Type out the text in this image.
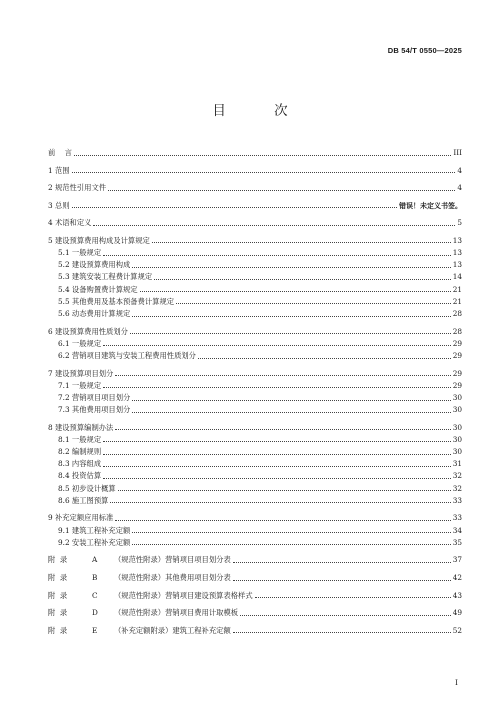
DB 54/T 0550—2025
目 次
前    言	III
1 范围	4
2 规范性引用文件	4
3 总则	错误！未定义书签。
4 术语和定义	5
5 建设预算费用构成及计算规定	13
5.1 一般规定	13
5.2 建设预算费用构成	13
5.3 建筑安装工程费计算规定	14
5.4 设备购置费计算规定	21
5.5 其他费用及基本预备费计算规定	21
5.6 动态费用计算规定	28
6 建设预算费用性质划分	28
6.1 一般规定	29
6.2 营销项目建筑与安装工程费用性质划分	29
7 建设预算项目划分	29
7.1 一般规定	29
7.2 营销项目项目划分	30
7.3 其他费用项目划分	30
8 建设预算编制办法	30
8.1 一般规定	30
8.2 编制规则	30
8.3 内容组成	31
8.4 投资估算	32
8.5 初步设计概算	32
8.6 施工图预算	33
9 补充定额应用标准	33
9.1 建筑工程补充定额	34
9.2 安装工程补充定额	35
附  录	A （规范性附录）营销项目项目划分表	37
附  录	B （规范性附录）其他费用项目划分表	42
附  录	C （规范性附录）营销项目建设预算表格样式	43
附  录	D （规范性附录）营销项目费用计取模板	49
附  录	E （补充定额附录）建筑工程补充定额	52
I
